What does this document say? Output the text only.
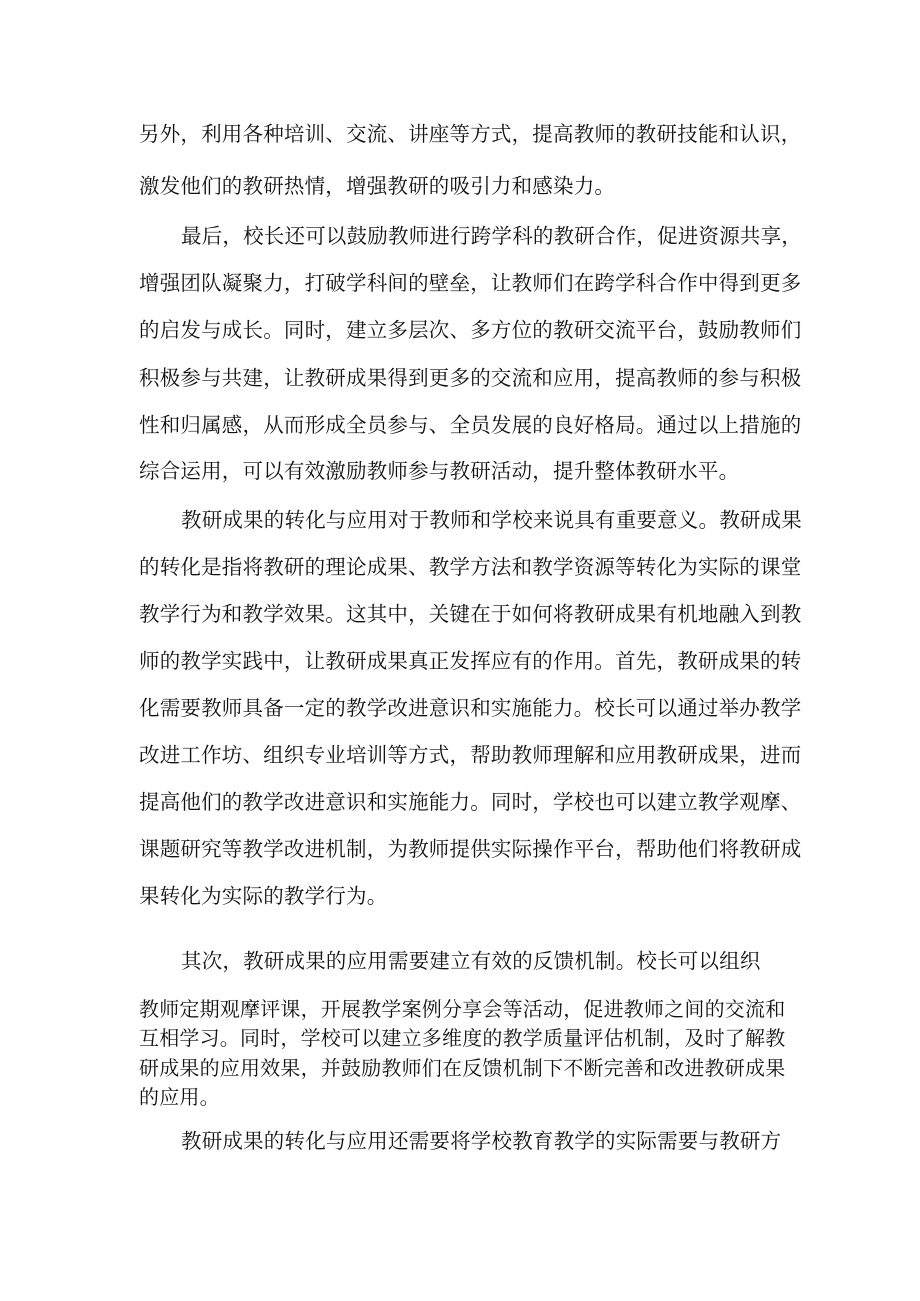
另外，利用各种培训、交流、讲座等方式，提高教师的教研技能和认识，
激发他们的教研热情，增强教研的吸引力和感染力。
最后，校长还可以鼓励教师进行跨学科的教研合作，促进资源共享，
增强团队凝聚力，打破学科间的壁垒，让教师们在跨学科合作中得到更多
的启发与成长。同时，建立多层次、多方位的教研交流平台，鼓励教师们
积极参与共建，让教研成果得到更多的交流和应用，提高教师的参与积极
性和归属感，从而形成全员参与、全员发展的良好格局。通过以上措施的
综合运用，可以有效激励教师参与教研活动，提升整体教研水平。
教研成果的转化与应用对于教师和学校来说具有重要意义。教研成果
的转化是指将教研的理论成果、教学方法和教学资源等转化为实际的课堂
教学行为和教学效果。这其中，关键在于如何将教研成果有机地融入到教
师的教学实践中，让教研成果真正发挥应有的作用。首先，教研成果的转
化需要教师具备一定的教学改进意识和实施能力。校长可以通过举办教学
改进工作坊、组织专业培训等方式，帮助教师理解和应用教研成果，进而
提高他们的教学改进意识和实施能力。同时，学校也可以建立教学观摩、
课题研究等教学改进机制，为教师提供实际操作平台，帮助他们将教研成
果转化为实际的教学行为。
其次，教研成果的应用需要建立有效的反馈机制。校长可以组织
教师定期观摩评课，开展教学案例分享会等活动，促进教师之间的交流和
互相学习。同时，学校可以建立多维度的教学质量评估机制，及时了解教
研成果的应用效果，并鼓励教师们在反馈机制下不断完善和改进教研成果
的应用。
教研成果的转化与应用还需要将学校教育教学的实际需要与教研方
